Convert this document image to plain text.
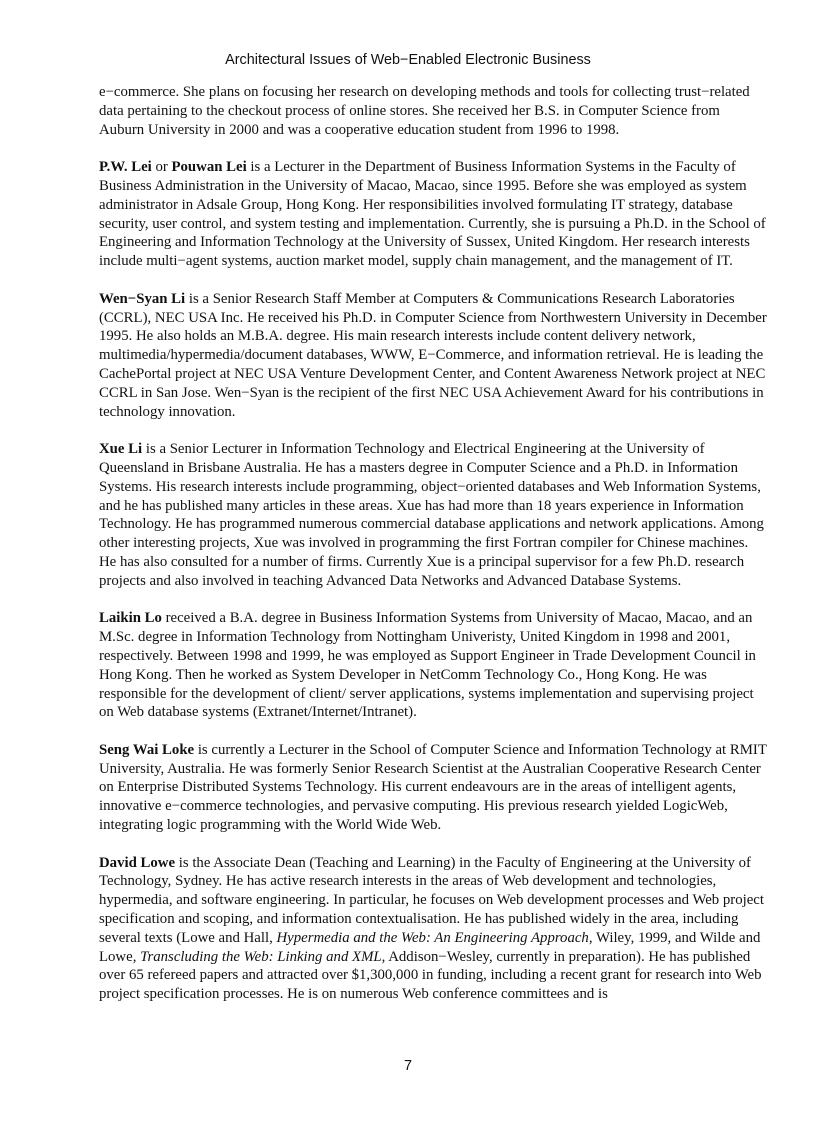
Architectural Issues of Web−Enabled Electronic Business

e−commerce. She plans on focusing her research on developing methods and tools for collecting trust−related data pertaining to the checkout process of online stores. She received her B.S. in Computer Science from Auburn University in 2000 and was a cooperative education student from 1996 to 1998.

P.W. Lei or Pouwan Lei is a Lecturer in the Department of Business Information Systems in the Faculty of Business Administration in the University of Macao, Macao, since 1995. Before she was employed as system administrator in Adsale Group, Hong Kong. Her responsibilities involved formulating IT strategy, database security, user control, and system testing and implementation. Currently, she is pursuing a Ph.D. in the School of Engineering and Information Technology at the University of Sussex, United Kingdom. Her research interests include multi−agent systems, auction market model, supply chain management, and the management of IT.

Wen−Syan Li is a Senior Research Staff Member at Computers & Communications Research Laboratories (CCRL), NEC USA Inc. He received his Ph.D. in Computer Science from Northwestern University in December 1995. He also holds an M.B.A. degree. His main research interests include content delivery network, multimedia/hypermedia/document databases, WWW, E−Commerce, and information retrieval. He is leading the CachePortal project at NEC USA Venture Development Center, and Content Awareness Network project at NEC CCRL in San Jose. Wen−Syan is the recipient of the first NEC USA Achievement Award for his contributions in technology innovation.

Xue Li is a Senior Lecturer in Information Technology and Electrical Engineering at the University of Queensland in Brisbane Australia. He has a masters degree in Computer Science and a Ph.D. in Information Systems. His research interests include programming, object−oriented databases and Web Information Systems, and he has published many articles in these areas. Xue has had more than 18 years experience in Information Technology. He has programmed numerous commercial database applications and network applications. Among other interesting projects, Xue was involved in programming the first Fortran compiler for Chinese machines. He has also consulted for a number of firms. Currently Xue is a principal supervisor for a few Ph.D. research projects and also involved in teaching Advanced Data Networks and Advanced Database Systems.

Laikin Lo received a B.A. degree in Business Information Systems from University of Macao, Macao, and an M.Sc. degree in Information Technology from Nottingham Univeristy, United Kingdom in 1998 and 2001, respectively. Between 1998 and 1999, he was employed as Support Engineer in Trade Development Council in Hong Kong. Then he worked as System Developer in NetComm Technology Co., Hong Kong. He was responsible for the development of client/ server applications, systems implementation and supervising project on Web database systems (Extranet/Internet/Intranet).

Seng Wai Loke is currently a Lecturer in the School of Computer Science and Information Technology at RMIT University, Australia. He was formerly Senior Research Scientist at the Australian Cooperative Research Center on Enterprise Distributed Systems Technology. His current endeavours are in the areas of intelligent agents, innovative e−commerce technologies, and pervasive computing. His previous research yielded LogicWeb, integrating logic programming with the World Wide Web.

David Lowe is the Associate Dean (Teaching and Learning) in the Faculty of Engineering at the University of Technology, Sydney. He has active research interests in the areas of Web development and technologies, hypermedia, and software engineering. In particular, he focuses on Web development processes and Web project specification and scoping, and information contextualisation. He has published widely in the area, including several texts (Lowe and Hall, Hypermedia and the Web: An Engineering Approach, Wiley, 1999, and Wilde and Lowe, Transcluding the Web: Linking and XML, Addison−Wesley, currently in preparation). He has published over 65 refereed papers and attracted over $1,300,000 in funding, including a recent grant for research into Web project specification processes. He is on numerous Web conference committees and is

7
